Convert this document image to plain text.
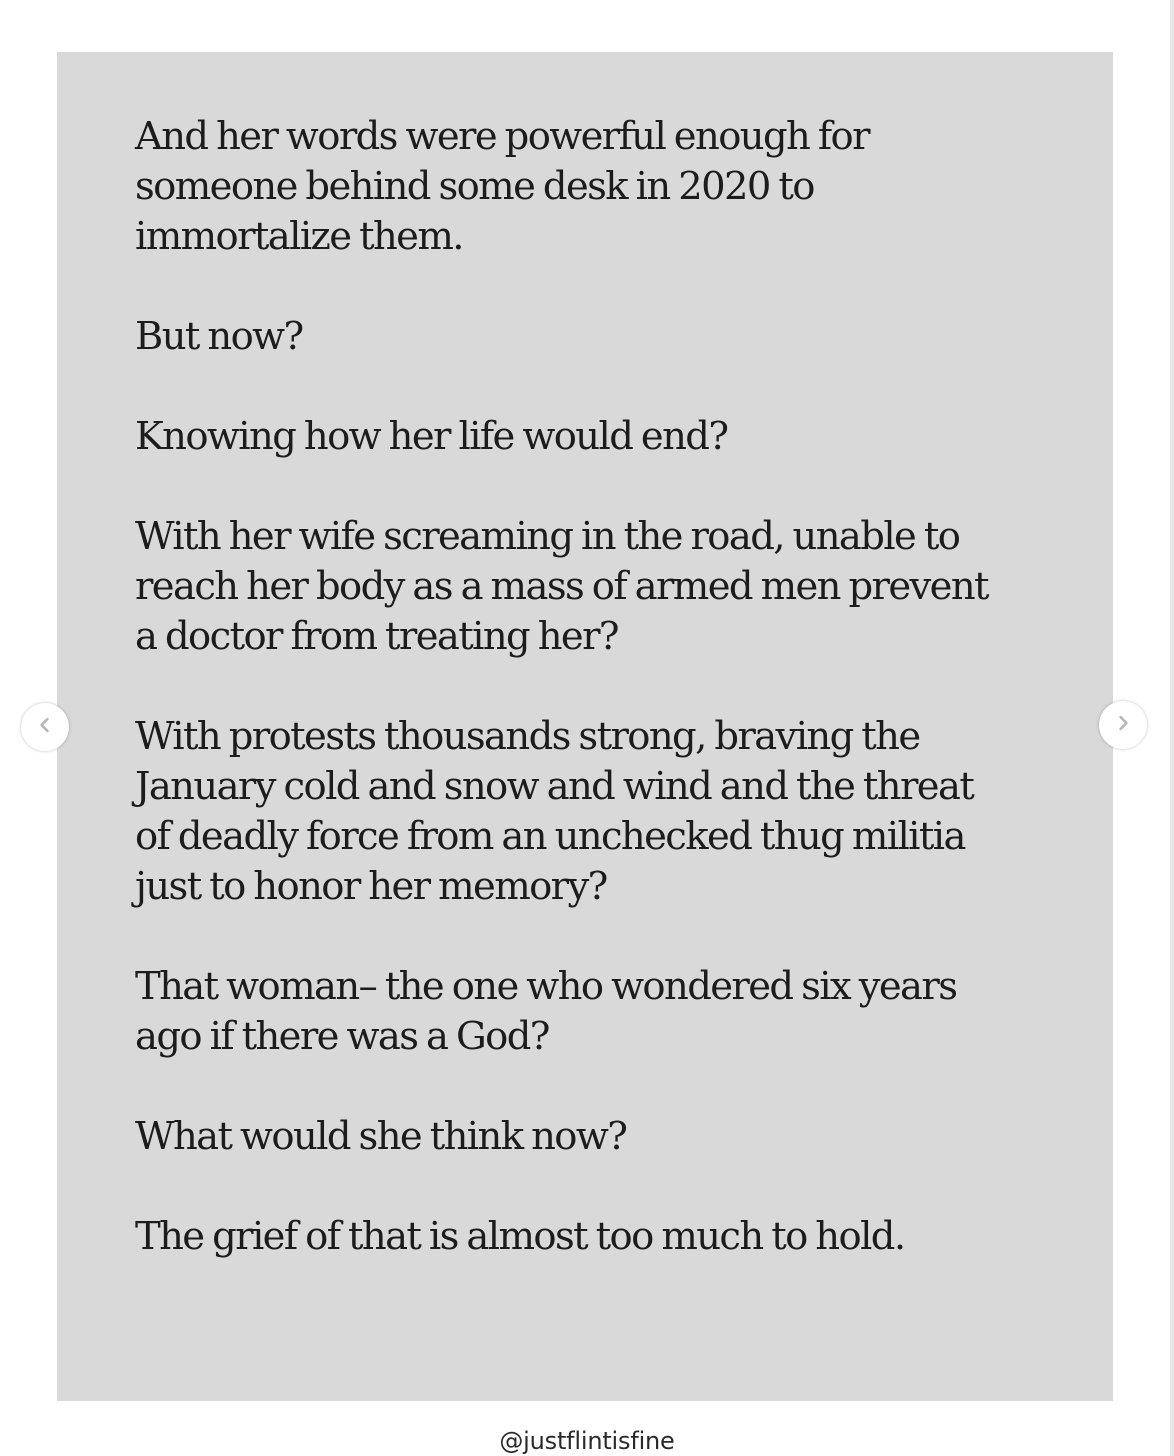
And her words were powerful enough for
someone behind some desk in 2020 to
immortalize them.

But now?

Knowing how her life would end?

With her wife screaming in the road, unable to
reach her body as a mass of armed men prevent
a doctor from treating her?

With protests thousands strong, braving the
January cold and snow and wind and the threat
of deadly force from an unchecked thug militia
just to honor her memory?

That woman– the one who wondered six years
ago if there was a God?

What would she think now?

The grief of that is almost too much to hold.

@justflintisfine
